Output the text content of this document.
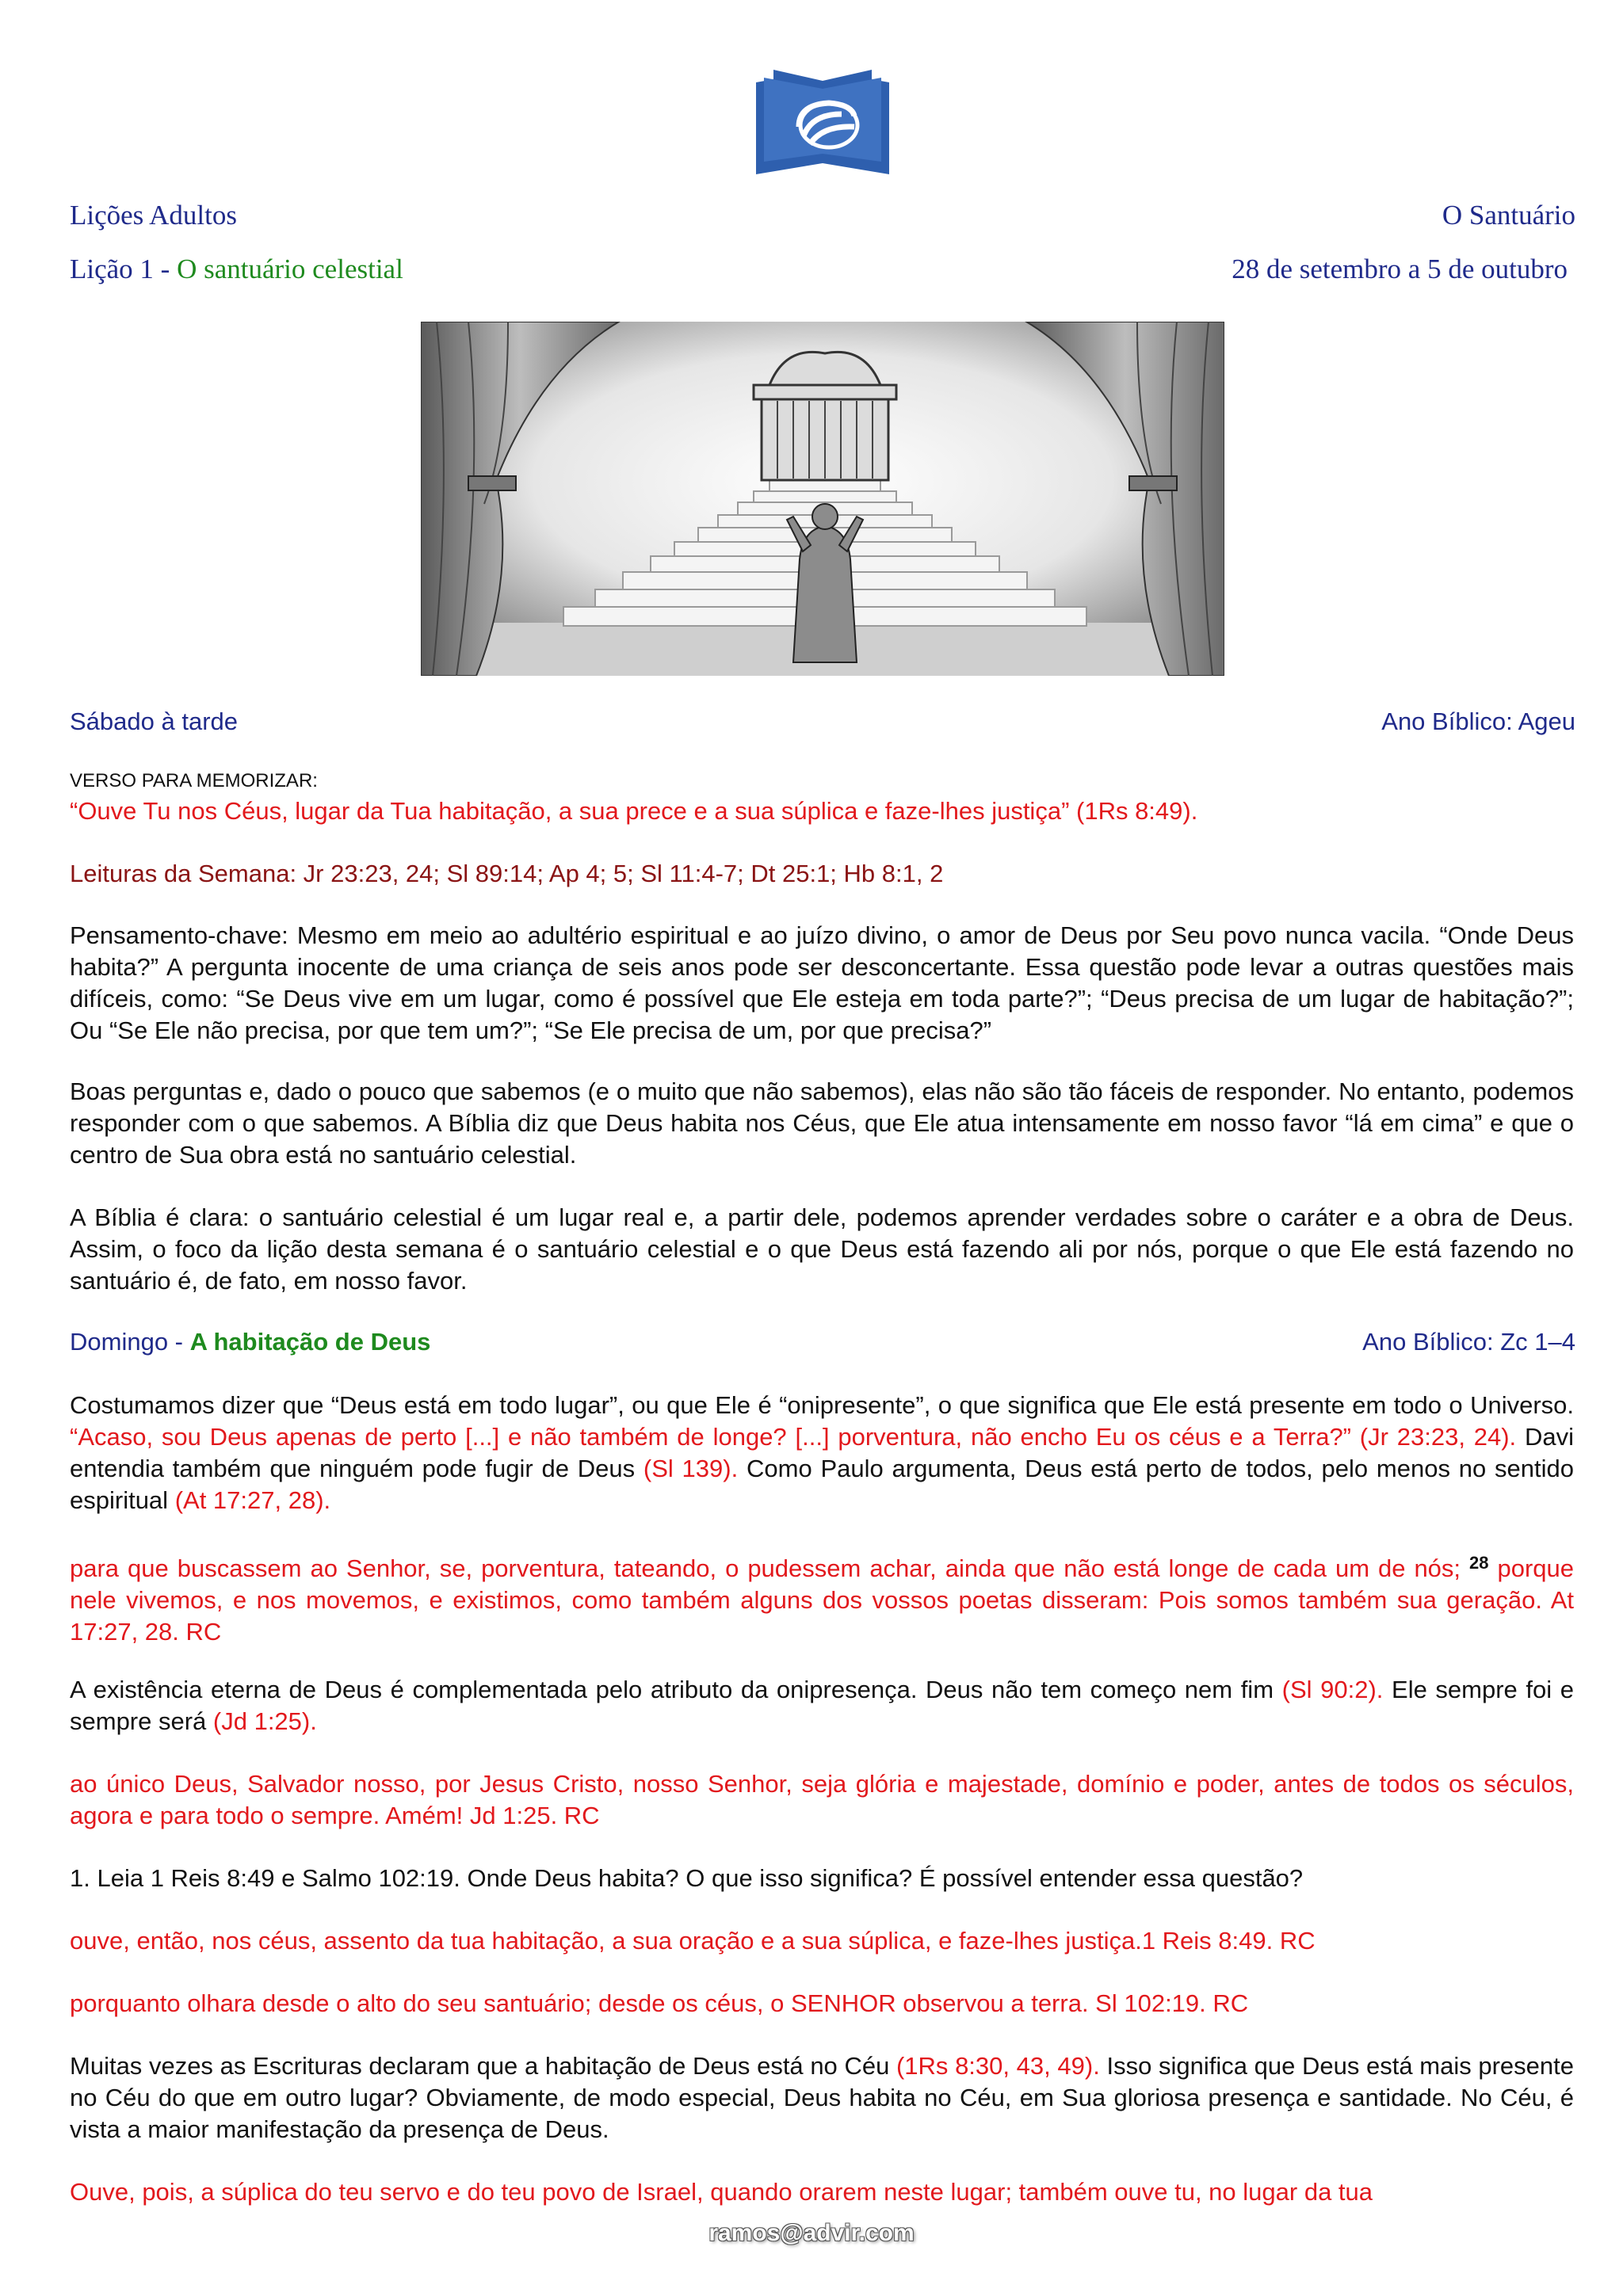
Lições Adultos	O Santuário
Lição 1 - O santuário celestial	28 de setembro a 5 de outubro
Sábado à tarde	Ano Bíblico: Ageu
VERSO PARA MEMORIZAR:

“Ouve Tu nos Céus, lugar da Tua habitação, a sua prece e a sua súplica e faze-lhes justiça” (1Rs 8:49).

Leituras da Semana: Jr 23:23, 24; Sl 89:14; Ap 4; 5; Sl 11:4-7; Dt 25:1; Hb 8:1, 2

Pensamento-chave: Mesmo em meio ao adultério espiritual e ao juízo divino, o amor de Deus por Seu povo nunca vacila. “Onde Deus habita?” A pergunta inocente de uma criança de seis anos pode ser desconcertante. Essa questão pode levar a outras questões mais difíceis, como: “Se Deus vive em um lugar, como é possível que Ele esteja em toda parte?”; “Deus precisa de um lugar de habitação?”; Ou “Se Ele não precisa, por que tem um?”; “Se Ele precisa de um, por que precisa?”

Boas perguntas e, dado o pouco que sabemos (e o muito que não sabemos), elas não são tão fáceis de responder. No entanto, podemos responder com o que sabemos. A Bíblia diz que Deus habita nos Céus, que Ele atua intensamente em nosso favor “lá em cima” e que o centro de Sua obra está no santuário celestial.

A Bíblia é clara: o santuário celestial é um lugar real e, a partir dele, podemos aprender verdades sobre o caráter e a obra de Deus. Assim, o foco da lição desta semana é o santuário celestial e o que Deus está fazendo ali por nós, porque o que Ele está fazendo no santuário é, de fato, em nosso favor.

Domingo - A habitação de Deus	Ano Bíblico: Zc 1–4

Costumamos dizer que “Deus está em todo lugar”, ou que Ele é “onipresente”, o que significa que Ele está presente em todo o Universo. “Acaso, sou Deus apenas de perto [...] e não também de longe? [...] porventura, não encho Eu os céus e a Terra?” (Jr 23:23, 24). Davi entendia também que ninguém pode fugir de Deus (Sl 139). Como Paulo argumenta, Deus está perto de todos, pelo menos no sentido espiritual (At 17:27, 28).

para que buscassem ao Senhor, se, porventura, tateando, o pudessem achar, ainda que não está longe de cada um de nós; $^{28}$ porque nele vivemos, e nos movemos, e existimos, como também alguns dos vossos poetas disseram: Pois somos também sua geração. At 17:27, 28. RC

A existência eterna de Deus é complementada pelo atributo da onipresença. Deus não tem começo nem fim (Sl 90:2). Ele sempre foi e sempre será (Jd 1:25).

ao único Deus, Salvador nosso, por Jesus Cristo, nosso Senhor, seja glória e majestade, domínio e poder, antes de todos os séculos, agora e para todo o sempre. Amém! Jd 1:25. RC

1. Leia 1 Reis 8:49 e Salmo 102:19. Onde Deus habita? O que isso significa? É possível entender essa questão?

ouve, então, nos céus, assento da tua habitação, a sua oração e a sua súplica, e faze-lhes justiça.1 Reis 8:49. RC

porquanto olhara desde o alto do seu santuário; desde os céus, o SENHOR observou a terra. Sl 102:19. RC

Muitas vezes as Escrituras declaram que a habitação de Deus está no Céu (1Rs 8:30, 43, 49). Isso significa que Deus está mais presente no Céu do que em outro lugar? Obviamente, de modo especial, Deus habita no Céu, em Sua gloriosa presença e santidade. No Céu, é vista a maior manifestação da presença de Deus.

Ouve, pois, a súplica do teu servo e do teu povo de Israel, quando orarem neste lugar; também ouve tu, no lugar da tua

ramos@advir.com
